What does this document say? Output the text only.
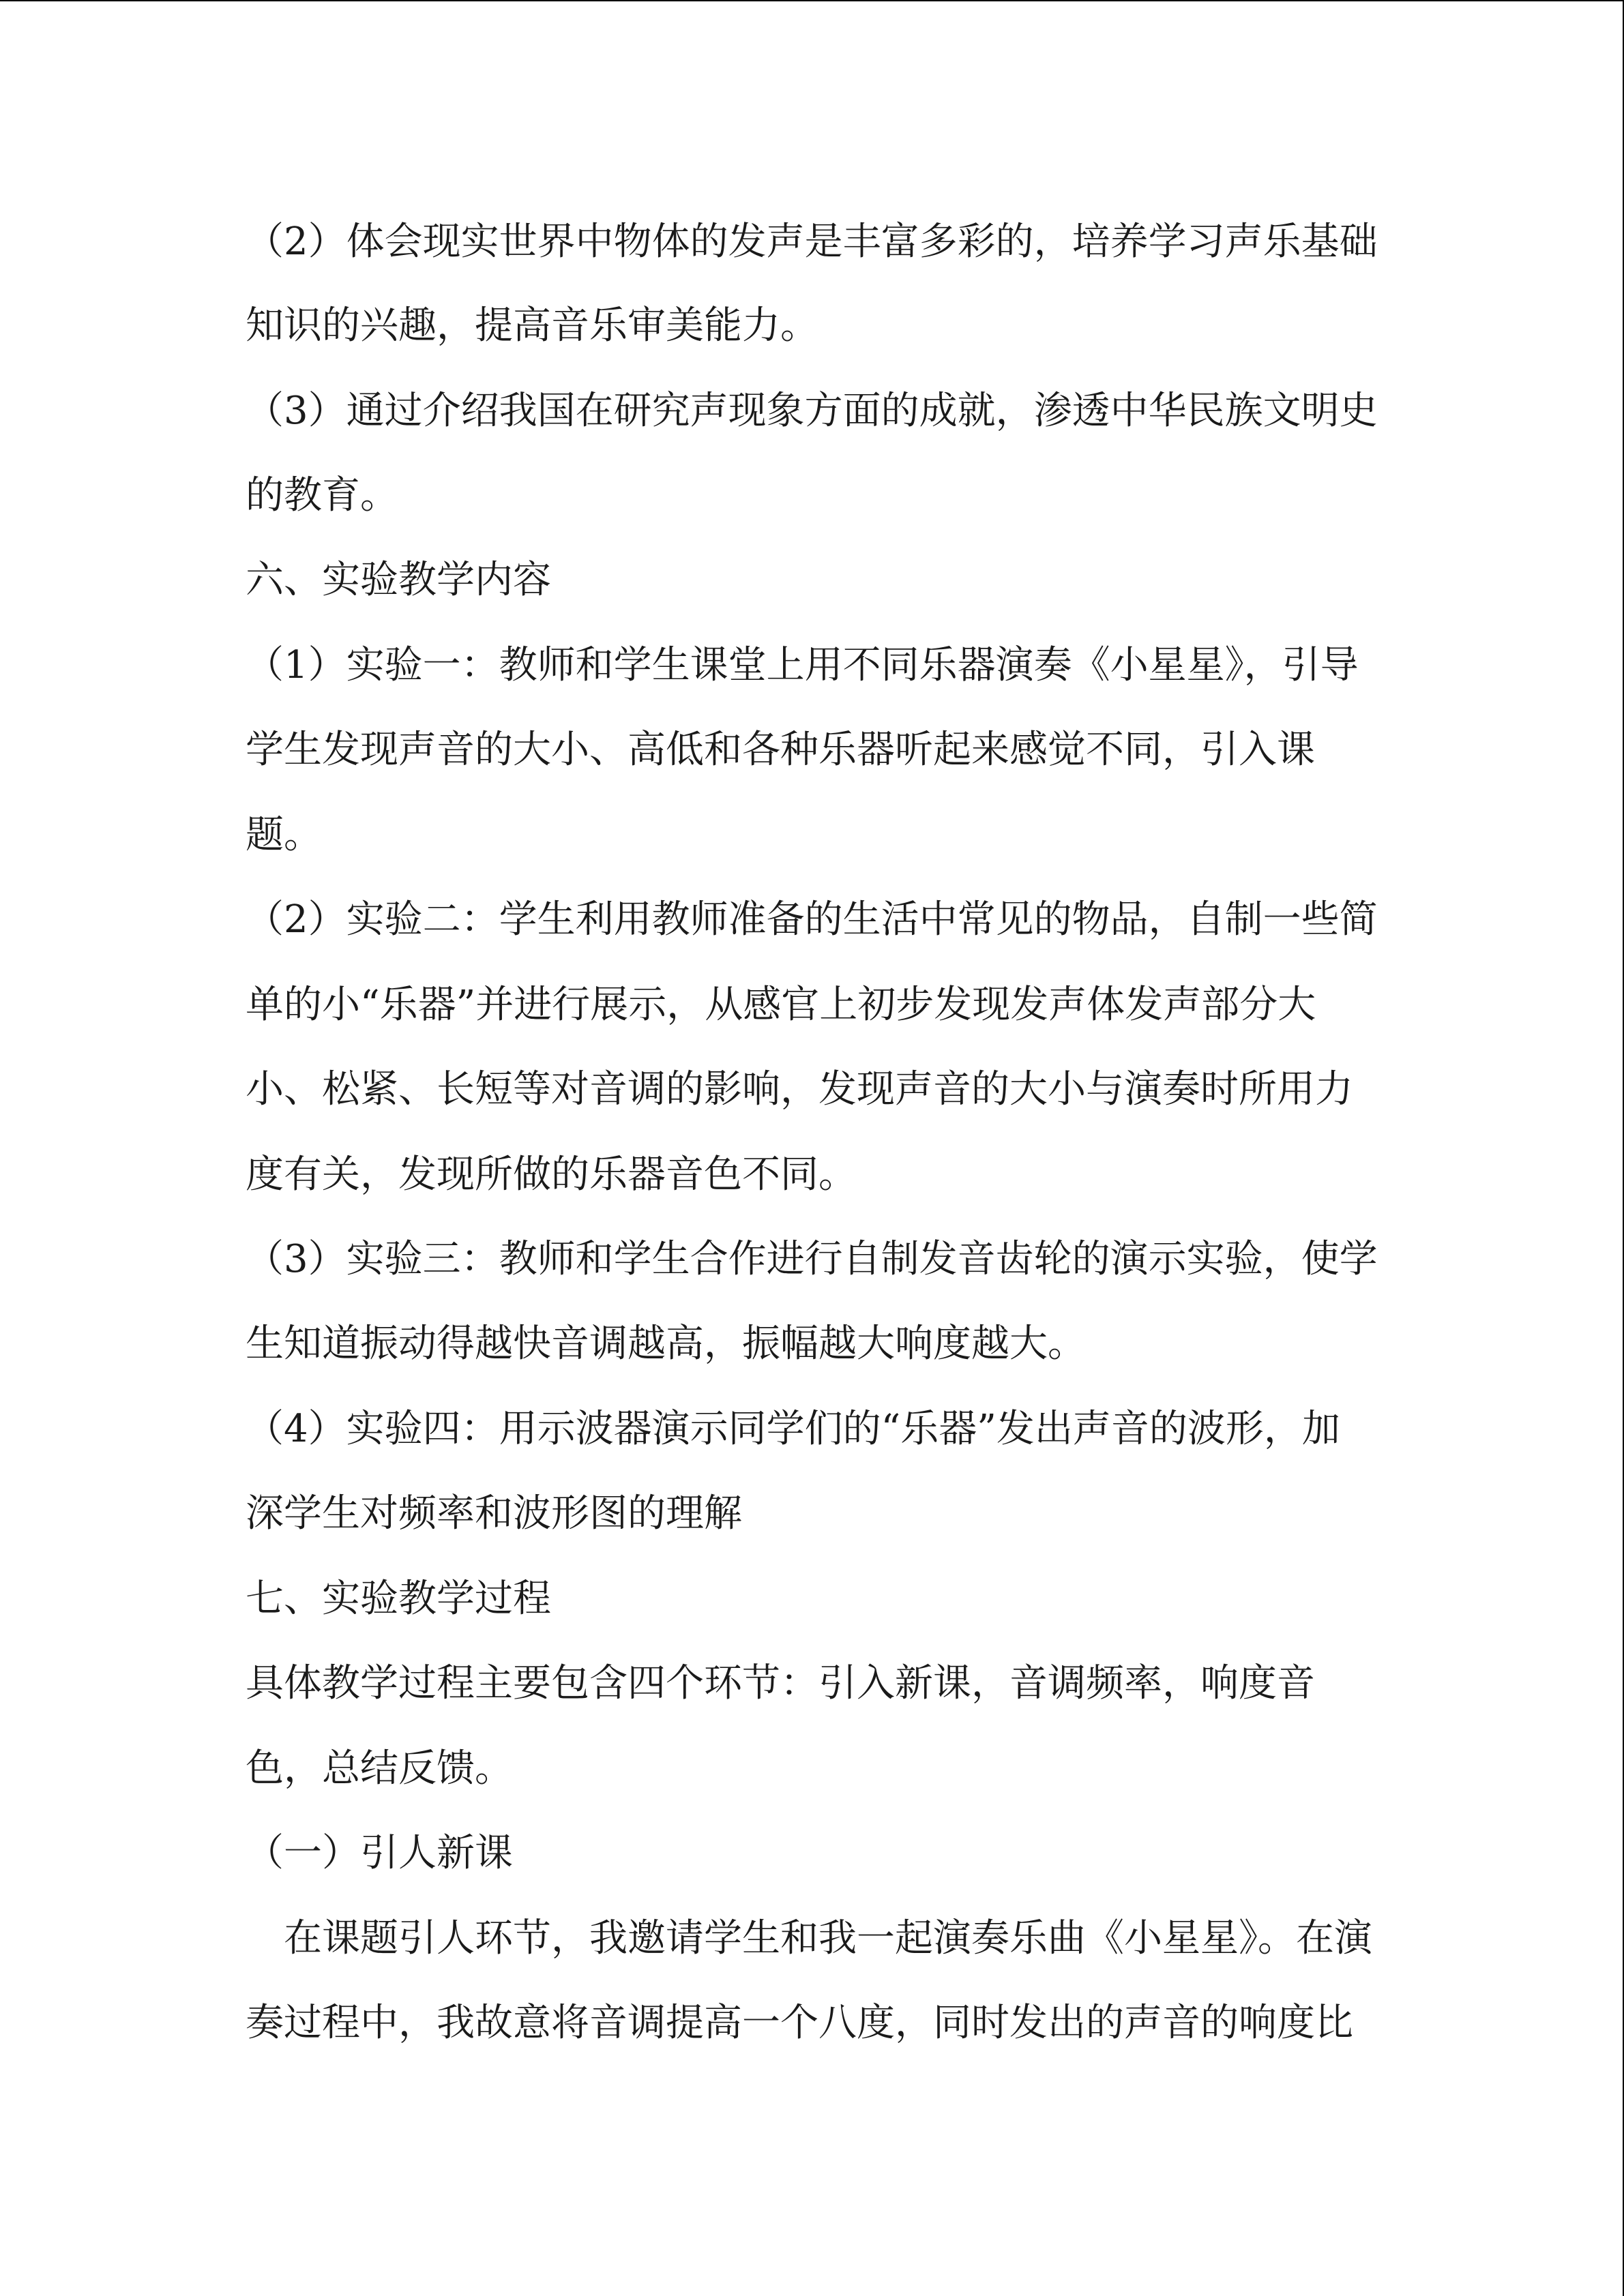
（2）体会现实世界中物体的发声是丰富多彩的，培养学习声乐基础
知识的兴趣，提高音乐审美能力。
（3）通过介绍我国在研究声现象方面的成就，渗透中华民族文明史
的教育。
六、实验教学内容
（1）实验一：教师和学生课堂上用不同乐器演奏《小星星》，引导
学生发现声音的大小、高低和各种乐器听起来感觉不同，引入课
题。
（2）实验二：学生利用教师准备的生活中常见的物品，自制一些简
单的小“乐器”并进行展示，从感官上初步发现发声体发声部分大
小、松紧、长短等对音调的影响，发现声音的大小与演奏时所用力
度有关，发现所做的乐器音色不同。
（3）实验三：教师和学生合作进行自制发音齿轮的演示实验，使学
生知道振动得越快音调越高，振幅越大响度越大。
（4）实验四：用示波器演示同学们的“乐器”发出声音的波形，加
深学生对频率和波形图的理解
七、实验教学过程
具体教学过程主要包含四个环节：引入新课，音调频率，响度音
色，总结反馈。
（一）引人新课
　在课题引人环节，我邀请学生和我一起演奏乐曲《小星星》。在演
奏过程中，我故意将音调提高一个八度，同时发出的声音的响度比
